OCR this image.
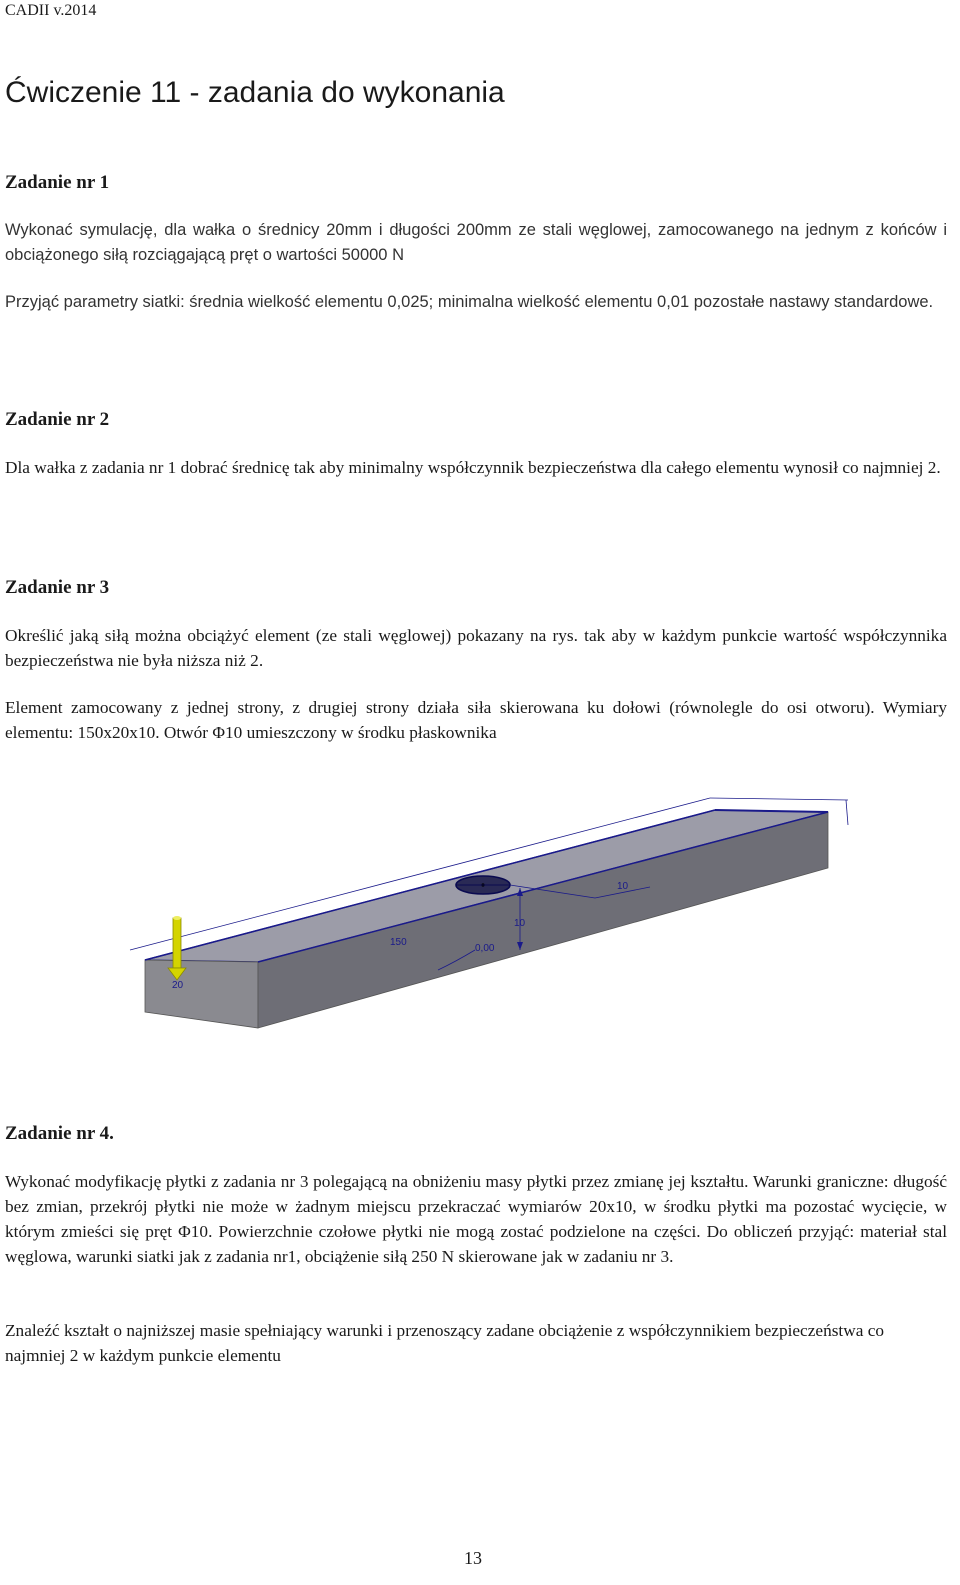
CADII v.2014
Ćwiczenie 11 - zadania do wykonania
Zadanie nr 1

Wykonać symulację, dla wałka o średnicy 20mm i długości 200mm ze stali węglowej, zamocowanego na jednym z końców i obciążonego siłą rozciągającą pręt o wartości 50000 N

Przyjąć parametry siatki: średnia wielkość elementu 0,025; minimalna wielkość elementu 0,01 pozostałe nastawy standardowe.

Zadanie nr 2

Dla wałka z zadania nr 1 dobrać średnicę tak aby minimalny współczynnik bezpieczeństwa dla całego elementu wynosił co najmniej 2.

Zadanie nr 3

Określić jaką siłą można obciążyć element (ze stali węglowej) pokazany na rys. tak aby w każdym punkcie wartość współczynnika bezpieczeństwa nie była niższa niż 2.

Element zamocowany z jednej strony, z drugiej strony działa siła skierowana ku dołowi (równolegle do osi otworu). Wymiary elementu: 150x20x10. Otwór Φ10 umieszczony w środku płaskownika

150
10
10
0,00
20
Zadanie nr 4.

Wykonać modyfikację płytki z zadania nr 3 polegającą na obniżeniu masy płytki przez zmianę jej kształtu. Warunki graniczne: długość bez zmian, przekrój płytki nie może w żadnym miejscu przekraczać wymiarów 20x10, w środku płytki ma pozostać wycięcie, w którym zmieści się pręt Φ10. Powierzchnie czołowe płytki nie mogą zostać podzielone na części. Do obliczeń przyjąć: materiał stal węglowa, warunki siatki jak z zadania nr1, obciążenie siłą 250 N skierowane jak w zadaniu nr 3.

Znaleźć kształt o najniższej masie spełniający warunki i przenoszący zadane obciążenie z współczynnikiem bezpieczeństwa co najmniej 2 w każdym punkcie elementu

13
